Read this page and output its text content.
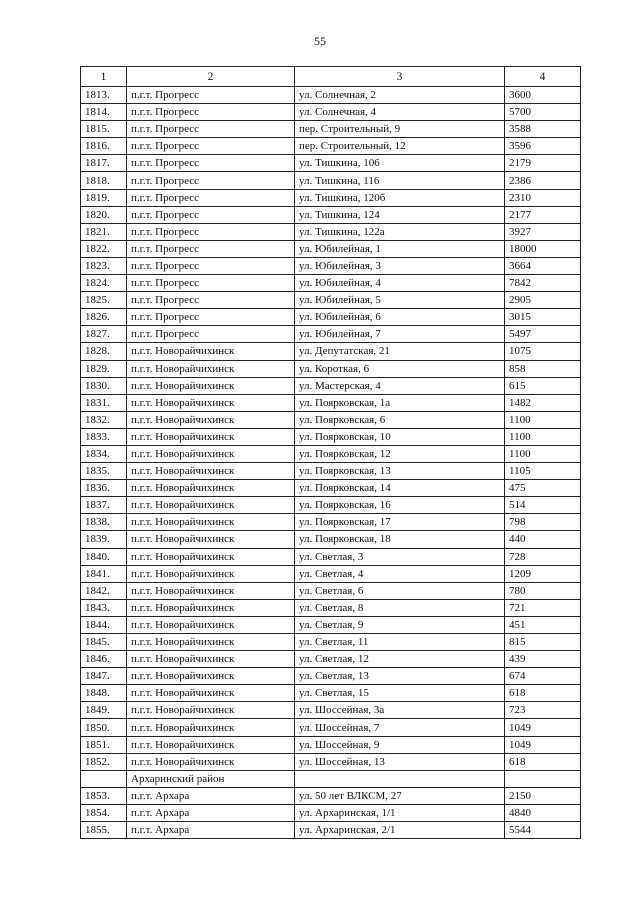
55
1	2	3	4
1813.	п.г.т. Прогресс	ул. Солнечная, 2	3600
1814.	п.г.т. Прогресс	ул. Солнечная, 4	5700
1815.	п.г.т. Прогресс	пер. Строительный, 9	3588
1816.	п.г.т. Прогресс	пер. Строительный, 12	3596
1817.	п.г.т. Прогресс	ул. Тишкина, 106	2179
1818.	п.г.т. Прогресс	ул. Тишкина, 116	2386
1819.	п.г.т. Прогресс	ул. Тишкина, 120б	2310
1820.	п.г.т. Прогресс	ул. Тишкина, 124	2177
1821.	п.г.т. Прогресс	ул. Тишкина, 122а	3927
1822.	п.г.т. Прогресс	ул. Юбилейная, 1	18000
1823.	п.г.т. Прогресс	ул. Юбилейная, 3	3664
1824.	п.г.т. Прогресс	ул. Юбилейная, 4	7842
1825.	п.г.т. Прогресс	ул. Юбилейная, 5	2905
1826.	п.г.т. Прогресс	ул. Юбилейная, 6	3015
1827.	п.г.т. Прогресс	ул. Юбилейная, 7	5497
1828.	п.г.т. Новорайчихинск	ул. Депутатская, 21	1075
1829.	п.г.т. Новорайчихинск	ул. Короткая, 6	858
1830.	п.г.т. Новорайчихинск	ул. Мастерская, 4	615
1831.	п.г.т. Новорайчихинск	ул. Поярковская, 1а	1482
1832.	п.г.т. Новорайчихинск	ул. Поярковская, 6	1100
1833.	п.г.т. Новорайчихинск	ул. Поярковская, 10	1100
1834.	п.г.т. Новорайчихинск	ул. Поярковская, 12	1100
1835.	п.г.т. Новорайчихинск	ул. Поярковская, 13	1105
1836.	п.г.т. Новорайчихинск	ул. Поярковская, 14	475
1837.	п.г.т. Новорайчихинск	ул. Поярковская, 16	514
1838.	п.г.т. Новорайчихинск	ул. Поярковская, 17	798
1839.	п.г.т. Новорайчихинск	ул. Поярковская, 18	440
1840.	п.г.т. Новорайчихинск	ул. Светлая, 3	728
1841.	п.г.т. Новорайчихинск	ул. Светлая, 4	1209
1842.	п.г.т. Новорайчихинск	ул. Светлая, 6	780
1843.	п.г.т. Новорайчихинск	ул. Светлая, 8	721
1844.	п.г.т. Новорайчихинск	ул. Светлая, 9	451
1845.	п.г.т. Новорайчихинск	ул. Светлая, 11	815
1846.	п.г.т. Новорайчихинск	ул. Светлая, 12	439
1847.	п.г.т. Новорайчихинск	ул. Светлая, 13	674
1848.	п.г.т. Новорайчихинск	ул. Светлая, 15	618
1849.	п.г.т. Новорайчихинск	ул. Шоссейная, 3а	723
1850.	п.г.т. Новорайчихинск	ул. Шоссейная, 7	1049
1851.	п.г.т. Новорайчихинск	ул. Шоссейная, 9	1049
1852.	п.г.т. Новорайчихинск	ул. Шоссейная, 13	618
	Архаринский район		
1853.	п.г.т. Архара	ул. 50 лет ВЛКСМ, 27	2150
1854.	п.г.т. Архара	ул. Архаринская, 1/1	4840
1855.	п.г.т. Архара	ул. Архаринская, 2/1	5544
